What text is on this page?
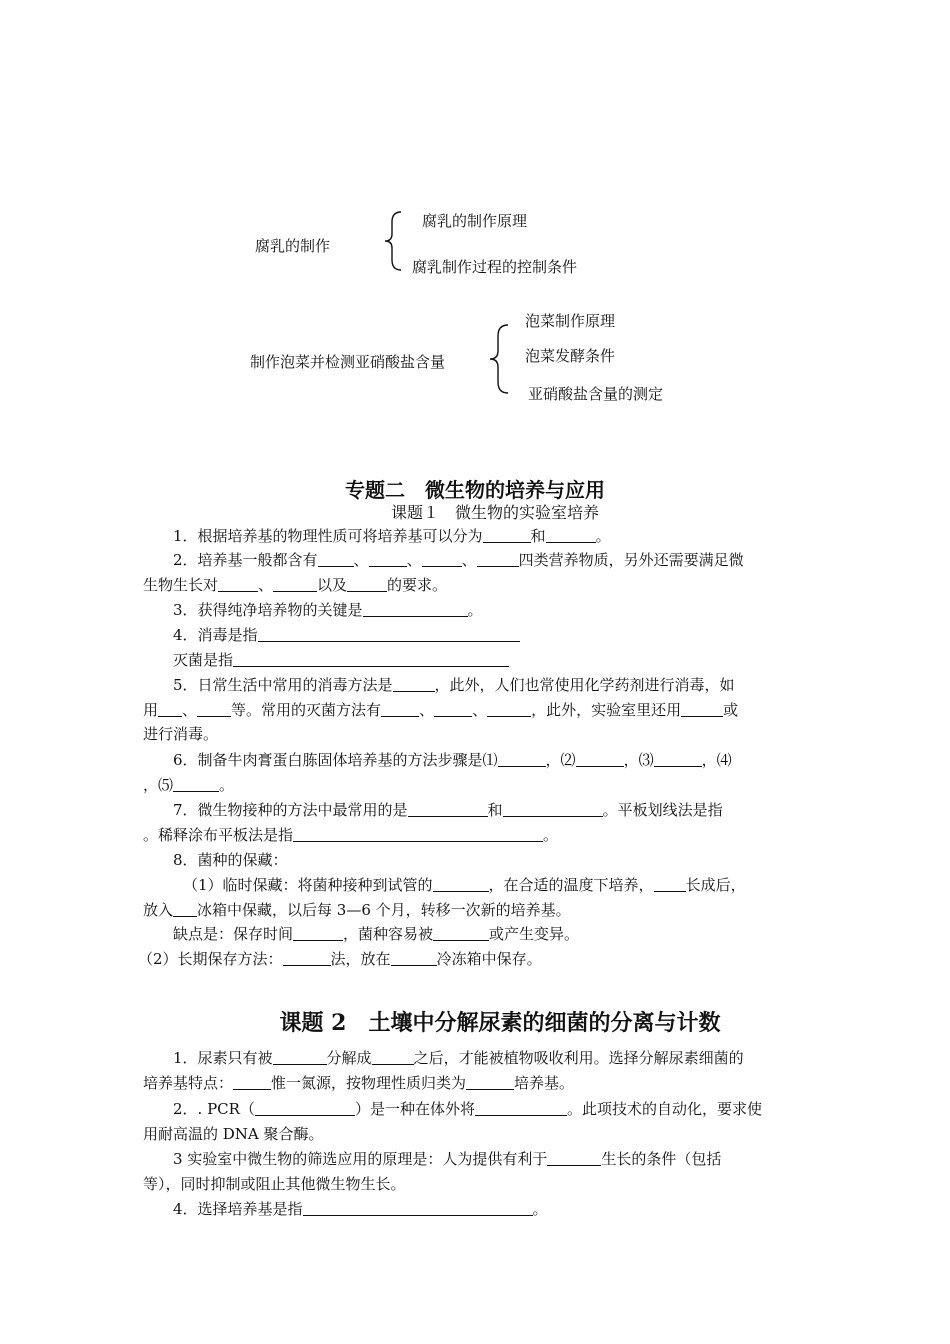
腐乳的制作
腐乳的制作原理
腐乳制作过程的控制条件
制作泡菜并检测亚硝酸盐含量
泡菜制作原理
泡菜发酵条件
亚硝酸盐含量的测定
专题二　微生物的培养与应用
课题１　微生物的实验室培养
1．根据培养基的物理性质可将培养基可以分为	和	。
2．培养基一般都含有 、	、	、	四类营养物质，另外还需要满足微
生物生长对	、	以及	的要求。
3．获得纯净培养物的关键是	。
4．消毒是指
灭菌是指
5．日常生活中常用的消毒方法是	，此外，人们也常使用化学药剂进行消毒，如
用 、 等。常用的灭菌方法有	、	、	，此外，实验室里还用	或
进行消毒。
6．制备牛肉膏蛋白胨固体培养基的方法步骤是⑴	，⑵	，⑶	，⑷
，⑸	。
7．微生物接种的方法中最常用的是	和	。平板划线法是指
。稀释涂布平板法是指	。
8．菌种的保藏：
（1）临时保藏：将菌种接种到试管的	，在合适的温度下培养， 长成后，
放入 冰箱中保藏，以后每 3—6 个月，转移一次新的培养基。
缺点是：保存时间	，菌种容易被	或产生变异。
（2）长期保存方法：	法，放在	冷冻箱中保存。
课题 2　土壤中分解尿素的细菌的分离与计数
1．尿素只有被	分解成	之后，才能被植物吸收利用。选择分解尿素细菌的
培养基特点：	惟一氮源，按物理性质归类为	培养基。
2．. PCR（	）是一种在体外将	。此项技术的自动化，要求使
用耐高温的 DNA 聚合酶。
3 实验室中微生物的筛选应用的原理是：人为提供有利于	生长的条件（包括
等），同时抑制或阻止其他微生物生长。
4．选择培养基是指	。
